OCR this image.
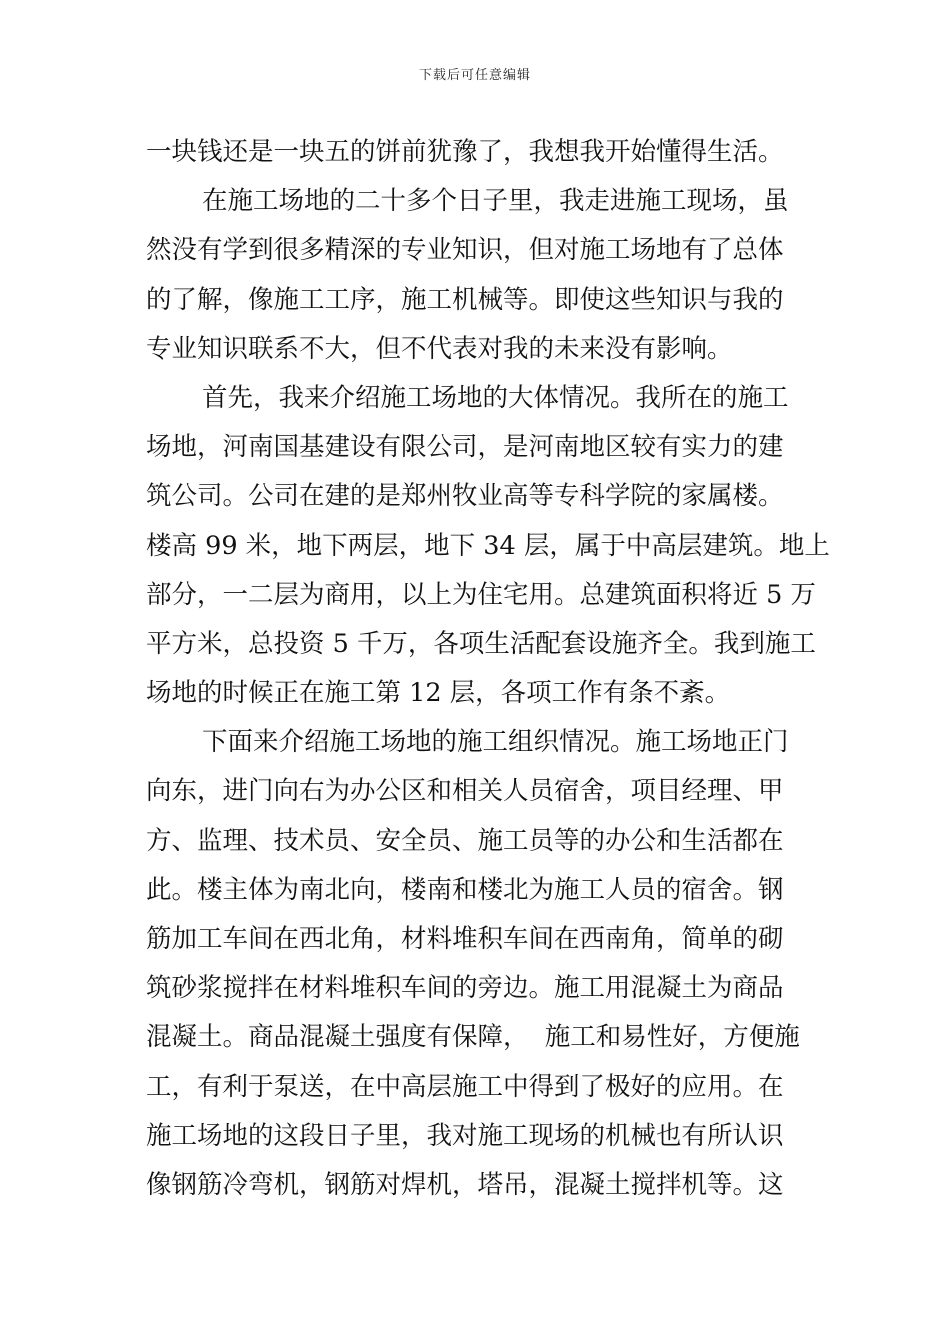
下载后可任意编辑
一块钱还是一块五的饼前犹豫了，我想我开始懂得生活。
在施工场地的二十多个日子里，我走进施工现场，虽
然没有学到很多精深的专业知识，但对施工场地有了总体
的了解，像施工工序，施工机械等。即使这些知识与我的
专业知识联系不大，但不代表对我的未来没有影响。
首先，我来介绍施工场地的大体情况。我所在的施工
场地，河南国基建设有限公司，是河南地区较有实力的建
筑公司。公司在建的是郑州牧业高等专科学院的家属楼。
楼高 99 米，地下两层，地下 34 层，属于中高层建筑。地上
部分，一二层为商用，以上为住宅用。总建筑面积将近 5 万
平方米，总投资 5 千万，各项生活配套设施齐全。我到施工
场地的时候正在施工第 12 层，各项工作有条不紊。
下面来介绍施工场地的施工组织情况。施工场地正门
向东，进门向右为办公区和相关人员宿舍，项目经理、甲
方、监理、技术员、安全员、施工员等的办公和生活都在
此。楼主体为南北向，楼南和楼北为施工人员的宿舍。钢
筋加工车间在西北角，材料堆积车间在西南角，简单的砌
筑砂浆搅拌在材料堆积车间的旁边。施工用混凝土为商品
混凝土。商品混凝土强度有保障，  施工和易性好，方便施
工，有利于泵送，在中高层施工中得到了极好的应用。在
施工场地的这段日子里，我对施工现场的机械也有所认识
像钢筋冷弯机，钢筋对焊机，塔吊，混凝土搅拌机等。这
